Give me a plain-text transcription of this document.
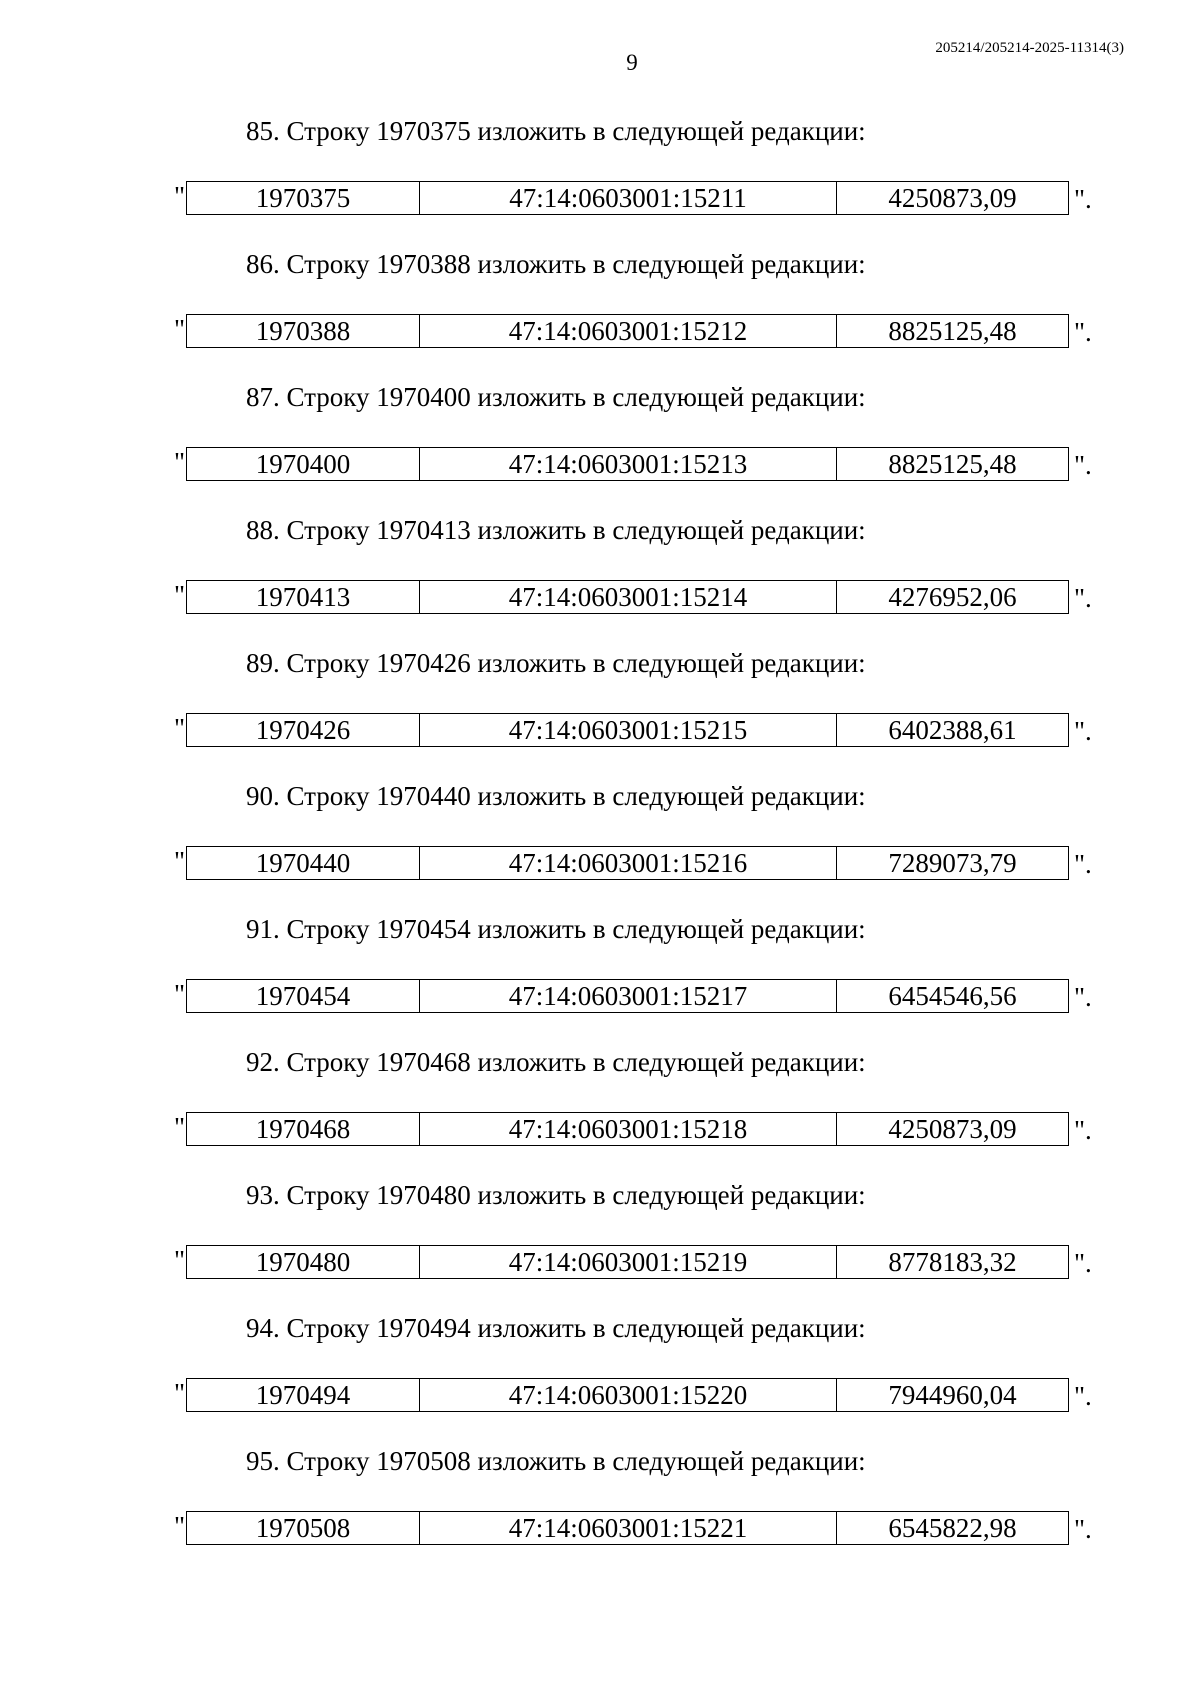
9
205214/205214-2025-11314(3)
85. Строку 1970375 изложить в следующей редакции:
"	1970375	47:14:0603001:15211	4250873,09 ".
86. Строку 1970388 изложить в следующей редакции:
"	1970388	47:14:0603001:15212	8825125,48 ".
87. Строку 1970400 изложить в следующей редакции:
"	1970400	47:14:0603001:15213	8825125,48 ".
88. Строку 1970413 изложить в следующей редакции:
"	1970413	47:14:0603001:15214	4276952,06 ".
89. Строку 1970426 изложить в следующей редакции:
"	1970426	47:14:0603001:15215	6402388,61 ".
90. Строку 1970440 изложить в следующей редакции:
"	1970440	47:14:0603001:15216	7289073,79 ".
91. Строку 1970454 изложить в следующей редакции:
"	1970454	47:14:0603001:15217	6454546,56 ".
92. Строку 1970468 изложить в следующей редакции:
"	1970468	47:14:0603001:15218	4250873,09 ".
93. Строку 1970480 изложить в следующей редакции:
"	1970480	47:14:0603001:15219	8778183,32 ".
94. Строку 1970494 изложить в следующей редакции:
"	1970494	47:14:0603001:15220	7944960,04 ".
95. Строку 1970508 изложить в следующей редакции:
"	1970508	47:14:0603001:15221	6545822,98 ".
